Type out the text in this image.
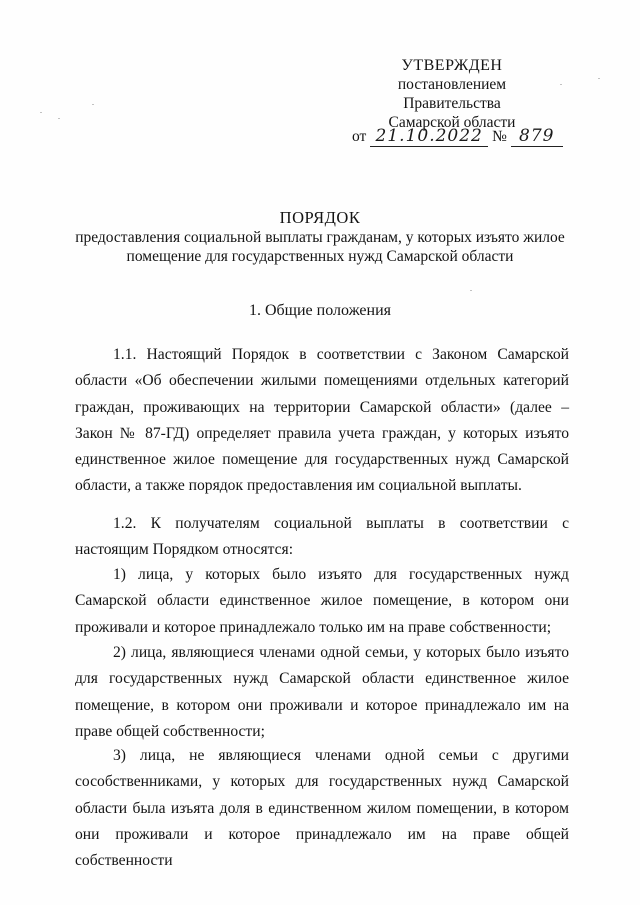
УТВЕРЖДЕН
постановлением Правительства
Самарской области
от 21.10.2022 № 879
ПОРЯДОК
предоставления социальной выплаты гражданам, у которых изъято жилое помещение для государственных нужд Самарской области
1. Общие положения
1.1. Настоящий Порядок в соответствии с Законом Самарской области «Об обеспечении жилыми помещениями отдельных категорий граждан, проживающих на территории Самарской области» (далее – Закон № 87-ГД) определяет правила учета граждан, у которых изъято единственное жилое помещение для государственных нужд Самарской области, а также порядок предоставления им социальной выплаты.
1.2. К получателям социальной выплаты в соответствии с настоящим Порядком относятся:
1) лица, у которых было изъято для государственных нужд Самарской области единственное жилое помещение, в котором они проживали и которое принадлежало только им на праве собственности;
2) лица, являющиеся членами одной семьи, у которых было изъято для государственных нужд Самарской области единственное жилое помещение, в котором они проживали и которое принадлежало им на праве общей собственности;
3) лица, не являющиеся членами одной семьи с другими сособственниками, у которых для государственных нужд Самарской области была изъята доля в единственном жилом помещении, в котором они проживали и которое принадлежало им на праве общей собственности
